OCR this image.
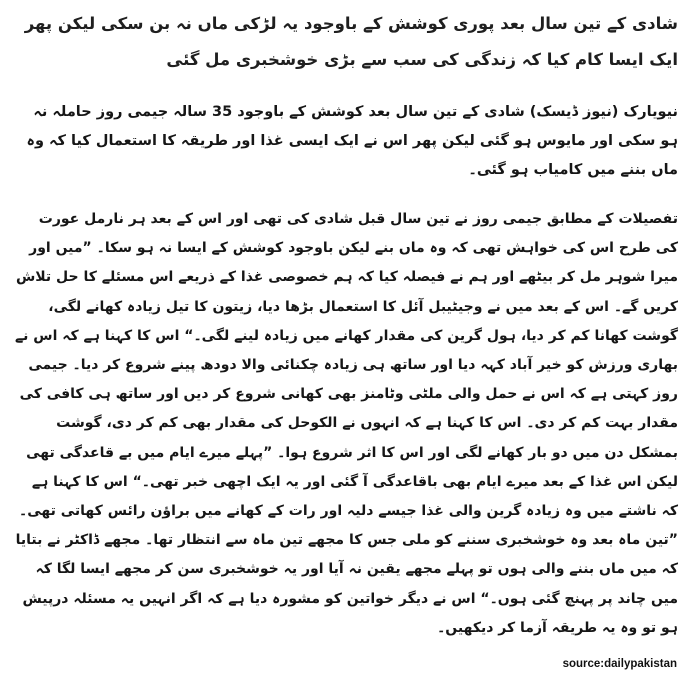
شادی کے تین سال بعد پوری کوشش کے باوجود یہ لڑکی ماں نہ بن سکی لیکن پھر ایک ایسا کام کیا کہ زندگی کی سب سے بڑی خوشخبری مل گئی

نیویارک (نیوز ڈیسک) شادی کے تین سال بعد کوشش کے باوجود 35 سالہ جیمی روز حاملہ نہ ہو سکی اور مایوس ہو گئی لیکن پھر اس نے ایک ایسی غذا اور طریقہ کا استعمال کیا کہ وہ ماں بننے میں کامیاب ہو گئی۔

تفصیلات کے مطابق جیمی روز نے تین سال قبل شادی کی تھی اور اس کے بعد ہر نارمل عورت کی طرح اس کی خواہش تھی کہ وہ ماں بنے لیکن باوجود کوشش کے ایسا نہ ہو سکا۔ ”میں اور میرا شوہر مل کر بیٹھے اور ہم نے فیصلہ کیا کہ ہم خصوصی غذا کے ذریعے اس مسئلے کا حل تلاش کریں گے۔ اس کے بعد میں نے وجیٹیبل آئل کا استعمال بڑھا دیا، زیتون کا تیل زیادہ کھانے لگی، گوشت کھانا کم کر دیا، ہول گرین کی مقدار کھانے میں زیادہ لینے لگی۔“ اس کا کہنا ہے کہ اس نے بھاری ورزش کو خیر آباد کہہ دیا اور ساتھ ہی زیادہ چکنائی والا دودھ پینے شروع کر دیا۔ جیمی روز کہتی ہے کہ اس نے حمل والی ملٹی وٹامنز بھی کھانی شروع کر دیں اور ساتھ ہی کافی کی مقدار بہت کم کر دی۔ اس کا کہنا ہے کہ انہوں نے الکوحل کی مقدار بھی کم کر دی، گوشت بمشکل دن میں دو بار کھانے لگی اور اس کا اثر شروع ہوا۔ ”پہلے میرے ایام میں بے قاعدگی تھی لیکن اس غذا کے بعد میرے ایام بھی باقاعدگی آ گئی اور یہ ایک اچھی خبر تھی۔“ اس کا کہنا ہے کہ ناشتے میں وہ زیادہ گرین والی غذا جیسے دلیہ اور رات کے کھانے میں براؤن رائس کھاتی تھی۔ ”تین ماہ بعد وہ خوشخبری سننے کو ملی جس کا مجھے تین ماہ سے انتظار تھا۔ مجھے ڈاکٹر نے بتایا کہ میں ماں بننے والی ہوں تو پہلے مجھے یقین نہ آیا اور یہ خوشخبری سن کر مجھے ایسا لگا کہ میں چاند پر پہنچ گئی ہوں۔“ اس نے دیگر خواتین کو مشورہ دیا ہے کہ اگر انہیں یہ مسئلہ درپیش ہو تو وہ یہ طریقہ آزما کر دیکھیں۔

source:dailypakistan
